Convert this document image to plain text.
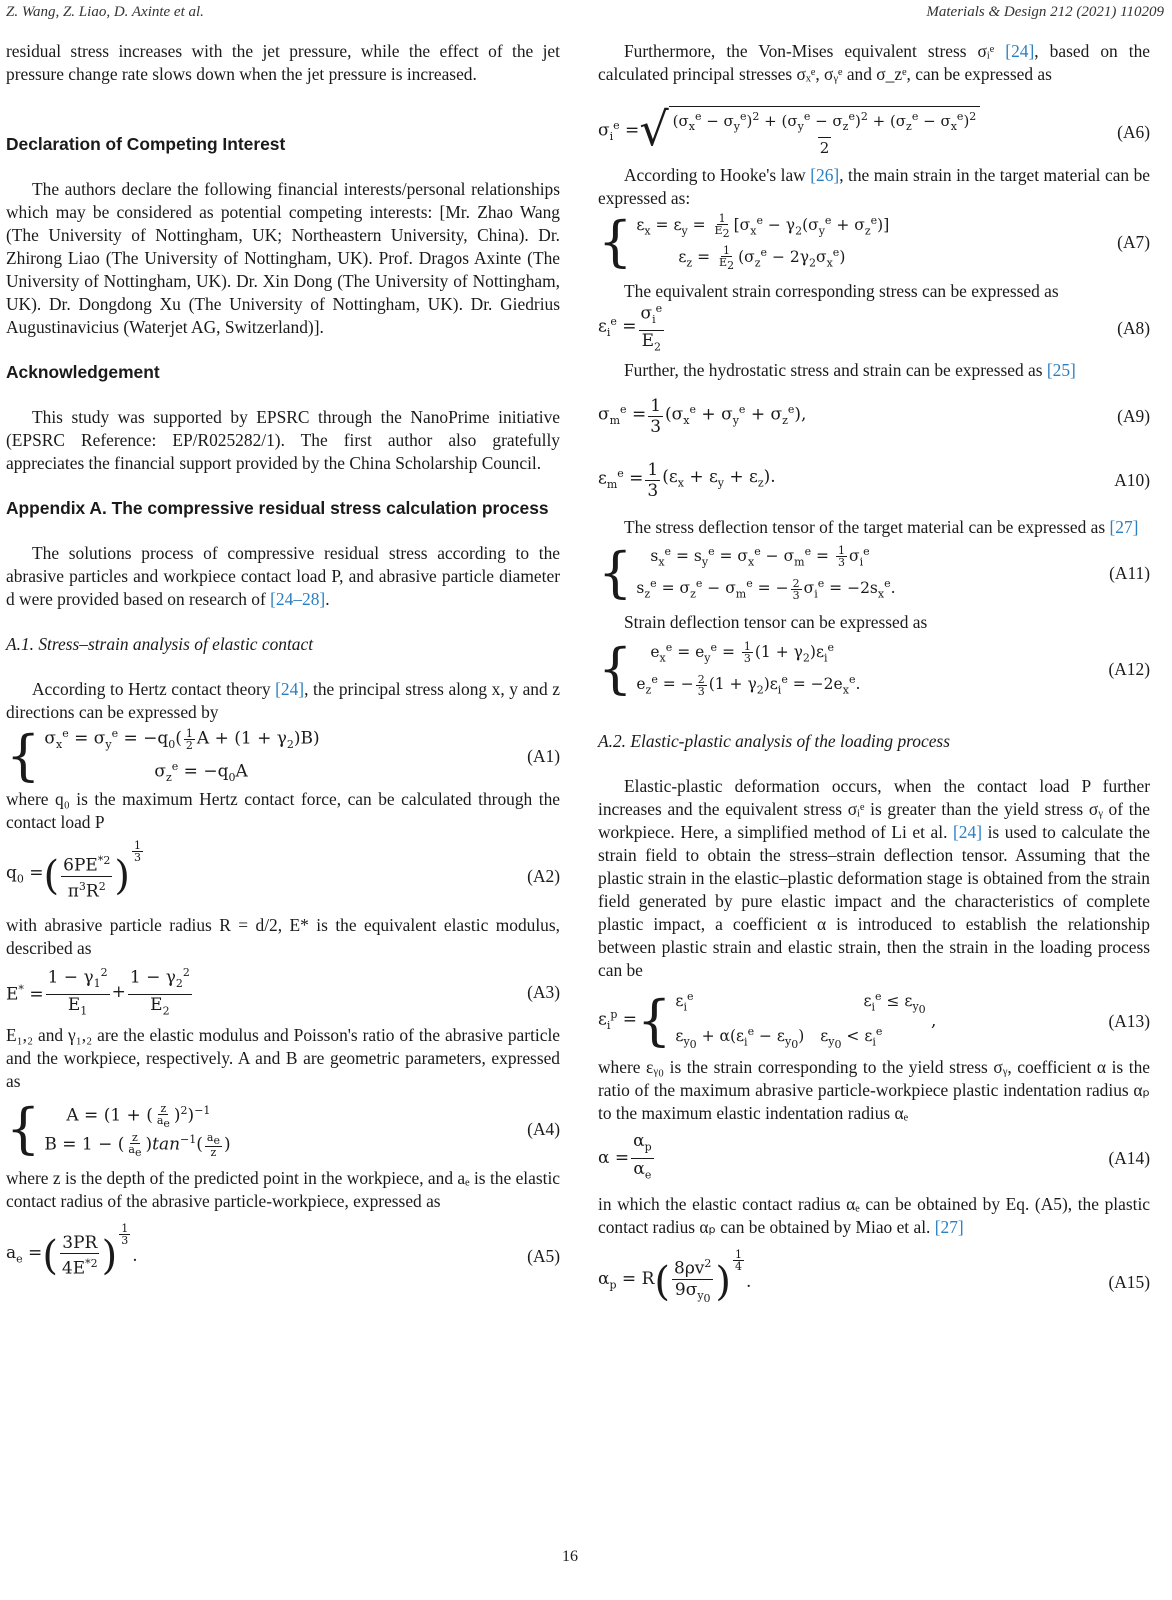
Z. Wang, Z. Liao, D. Axinte et al.	Materials & Design 212 (2021) 110209

residual stress increases with the jet pressure, while the effect of the jet pressure change rate slows down when the jet pressure is increased.

Declaration of Competing Interest

The authors declare the following financial interests/personal relationships which may be considered as potential competing interests: [Mr. Zhao Wang (The University of Nottingham, UK; Northeastern University, China). Dr. Zhirong Liao (The University of Nottingham, UK). Prof. Dragos Axinte (The University of Nottingham, UK). Dr. Xin Dong (The University of Nottingham, UK). Dr. Dongdong Xu (The University of Nottingham, UK). Dr. Giedrius Augustinavicius (Waterjet AG, Switzerland)].

Acknowledgement

This study was supported by EPSRC through the NanoPrime initiative (EPSRC Reference: EP/R025282/1). The first author also gratefully appreciates the financial support provided by the China Scholarship Council.

Appendix A. The compressive residual stress calculation process

The solutions process of compressive residual stress according to the abrasive particles and workpiece contact load P, and abrasive particle diameter d were provided based on research of [24–28].

A.1. Stress–strain analysis of elastic contact

According to Hertz contact theory [24], the principal stress along x, y and z directions can be expressed by

{ $\sigma_x^e = \sigma_y^e = -q_0( \frac{1}{2}$ $A + (1 + \gamma_2)B$)
$\sigma_z^e = -q_0A$
(A1)

where q₀ is the maximum Hertz contact force, can be calculated through the contact load P

$q_0$ = ( $\frac{6PE^{*2}}{\pi^3R^2}$ )
$\frac{1}{3}$
(A2)

with abrasive particle radius R = d/2, E* is the equivalent elastic modulus, described as

$E^* = \frac{1 - \gamma_1^2}{E_1} + \frac{1 - \gamma_2^2}{E_2}$	(A3)

E₁,₂ and γ₁,₂ are the elastic modulus and Poisson's ratio of the abrasive particle and the workpiece, respectively. A and B are geometric parameters, expressed as

{	A = (1 + ( $\frac{z}{a_e} )^2)^{-1}$
B = 1 − ( $\frac{z}{a_e} )\tan^{-1}( \frac{a_e}{z}$ )
(A4)

where z is the depth of the predicted point in the workpiece, and aₑ is the elastic contact radius of the abrasive particle-workpiece, expressed as

$a_e$ = ( $\frac{3PR}{4E^{*2}}$ ) $\frac{1}{3}$
.	(A5)

Furthermore, the Von-Mises equivalent stress σᵢᵉ [24], based on the calculated principal stresses σₓᵉ, σᵧᵉ and σ_zᵉ, can be expressed as

$\sigma_i^e$ = √ $\frac{(\sigma_x^e - \sigma_y^e)^2 + (\sigma_y^e - \sigma_z^e)^2 + (\sigma_z^e - \sigma_x^e)^2}{2}$	(A6)

According to Hooke's law [26], the main strain in the target material can be expressed as:

{ $\varepsilon_x = \varepsilon_y = \frac{1}{E_2} [\sigma_x^e - \gamma_2(\sigma_y^e + \sigma_z^e)]$
$\varepsilon_z = \frac{1}{E_2} (\sigma_z^e - 2\gamma_2\sigma_x^e)$
(A7)

The equivalent strain corresponding stress can be expressed as

$\varepsilon_i^e = \frac{\sigma_i^e}{E_2}$	(A8)

Further, the hydrostatic stress and strain can be expressed as [25]

$\sigma_m^e = \frac{1}{3} (\sigma_x^e + \sigma_y^e + \sigma_z^e)$,	(A9)
$\varepsilon_m^e = \frac{1}{3} (\varepsilon_x + \varepsilon_y + \varepsilon_z)$.	A10)

The stress deflection tensor of the target material can be expressed as [27]

{	$s_x^e = s_y^e = \sigma_x^e - \sigma_m^e = \frac{1}{3} \sigma_i^e$
$s_z^e = \sigma_z^e - \sigma_m^e$ = − $\frac{2}{3} \sigma_i^e = -2s_x^e$.
(A11)

Strain deflection tensor can be expressed as

{	$e_x^e = e_y^e = \frac{1}{3} (1 + \gamma_2)\varepsilon_i^e$
$e_z^e$ = − $\frac{2}{3} (1 + \gamma_2)\varepsilon_i^e = -2e_x^e$.
(A12)
A.2. Elastic-plastic analysis of the loading process

Elastic-plastic deformation occurs, when the contact load P further increases and the equivalent stress σᵢᵉ is greater than the yield stress σᵧ of the workpiece. Here, a simplified method of Li et al. [24] is used to calculate the strain field to obtain the stress–strain deflection tensor. Assuming that the plastic strain in the elastic–plastic deformation stage is obtained from the strain field generated by pure elastic impact and the characteristics of complete plastic impact, a coefficient α is introduced to establish the relationship between plastic strain and elastic strain, then the strain in the loading process can be

$\varepsilon_i^p$ = { $\varepsilon_i^e$	$\varepsilon_i^e \le \varepsilon_{y_0}$
$\varepsilon_{y_0} + \alpha(\varepsilon_i^e - \varepsilon_{y_0}) \varepsilon_{y_0} < \varepsilon_i^e$
,	(A13)

where εᵧ₀ is the strain corresponding to the yield stress σᵧ, coefficient α is the ratio of the maximum abrasive particle-workpiece plastic indentation radius αₚ to the maximum elastic indentation radius αₑ

$\alpha = \frac{\alpha_p}{\alpha_e}$	(A14)

in which the elastic contact radius αₑ can be obtained by Eq. (A5), the plastic contact radius αₚ can be obtained by Miao et al. [27]

$\alpha_p = R$ ( $\frac{8\rho v^2}{9\sigma_{y_0}}$ ) $\frac{1}{4}$
.	(A15)
16
